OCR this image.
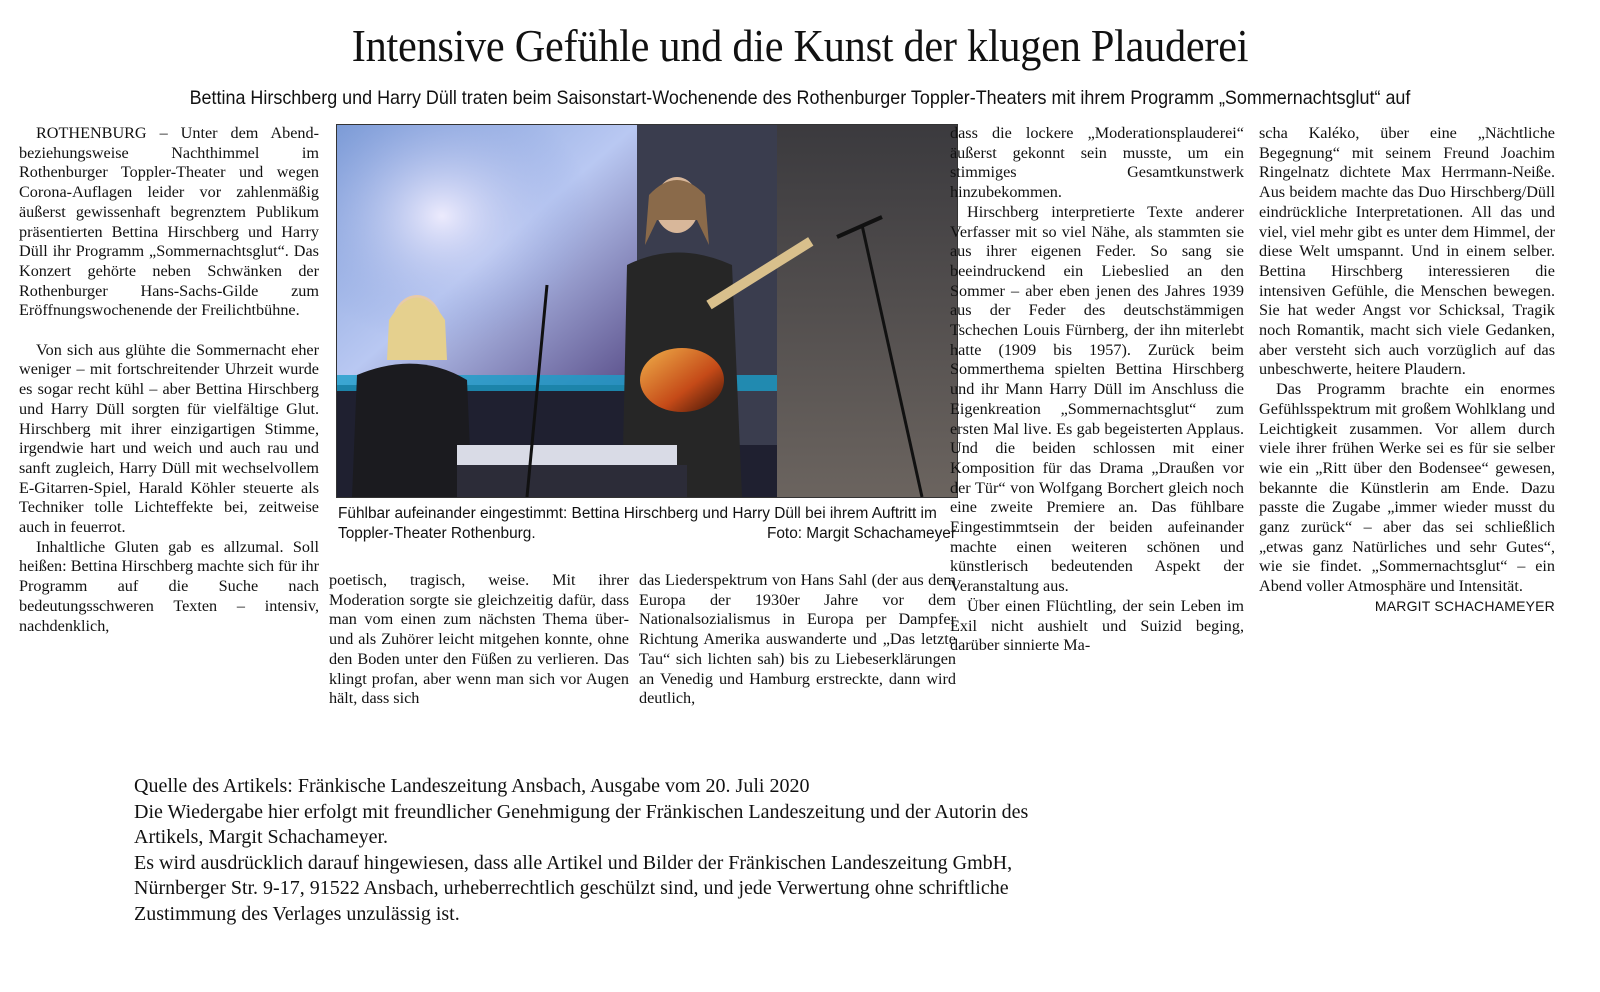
Intensive Gefühle und die Kunst der klugen Plauderei
Bettina Hirschberg und Harry Düll traten beim Saisonstart-Wochenende des Rothenburger Toppler-Theaters mit ihrem Programm „Sommernachtsglut“ auf

ROTHENBURG – Unter dem Abend- beziehungsweise Nachthimmel im Rothenburger Toppler-Theater und wegen Corona-Auflagen leider vor zahlenmäßig äußerst gewissenhaft begrenztem Publikum präsentierten Bettina Hirschberg und Harry Düll ihr Programm „Sommernachtsglut“. Das Konzert gehörte neben Schwänken der Rothenburger Hans-Sachs-Gilde zum Eröffnungswochenende der Freilichtbühne.

Von sich aus glühte die Sommernacht eher weniger – mit fortschreitender Uhrzeit wurde es sogar recht kühl – aber Bettina Hirschberg und Harry Düll sorgten für vielfältige Glut. Hirschberg mit ihrer einzigartigen Stimme, irgendwie hart und weich und auch rau und sanft zugleich, Harry Düll mit wechselvollem E-Gitarren-Spiel, Harald Köhler steuerte als Techniker tolle Lichteffekte bei, zeitweise auch in feuerrot.

Inhaltliche Gluten gab es allzumal. Soll heißen: Bettina Hirschberg machte sich für ihr Programm auf die Suche nach bedeutungsschweren Texten – intensiv, nachdenklich,

Fühlbar aufeinander eingestimmt: Bettina Hirschberg und Harry Düll bei ihrem Auftritt im Toppler-Theater Rothenburg.	Foto: Margit Schachameyer

poetisch, tragisch, weise. Mit ihrer Moderation sorgte sie gleichzeitig dafür, dass man vom einen zum nächsten Thema über- und als Zuhörer leicht mitgehen konnte, ohne den Boden unter den Füßen zu verlieren. Das klingt profan, aber wenn man sich vor Augen hält, dass sich

das Liederspektrum von Hans Sahl (der aus dem Europa der 1930er Jahre vor dem Nationalsozialismus in Europa per Dampfer Richtung Amerika auswanderte und „Das letzte Tau“ sich lichten sah) bis zu Liebeserklärungen an Venedig und Hamburg erstreckte, dann wird deutlich,

dass die lockere „Moderationsplauderei“ äußerst gekonnt sein musste, um ein stimmiges Gesamtkunstwerk hinzubekommen.

Hirschberg interpretierte Texte anderer Verfasser mit so viel Nähe, als stammten sie aus ihrer eigenen Feder. So sang sie beeindruckend ein Liebeslied an den Sommer – aber eben jenen des Jahres 1939 aus der Feder des deutschstämmigen Tschechen Louis Fürnberg, der ihn miterlebt hatte (1909 bis 1957). Zurück beim Sommerthema spielten Bettina Hirschberg und ihr Mann Harry Düll im Anschluss die Eigenkreation „Sommernachtsglut“ zum ersten Mal live. Es gab begeisterten Applaus. Und die beiden schlossen mit einer Komposition für das Drama „Draußen vor der Tür“ von Wolfgang Borchert gleich noch eine zweite Premiere an. Das fühlbare Eingestimmtsein der beiden aufeinander machte einen weiteren schönen und künstlerisch bedeutenden Aspekt der Veranstaltung aus.

Über einen Flüchtling, der sein Leben im Exil nicht aushielt und Suizid beging, darüber sinnierte Ma-

scha Kaléko, über eine „Nächtliche Begegnung“ mit seinem Freund Joachim Ringelnatz dichtete Max Herrmann-Neiße. Aus beidem machte das Duo Hirschberg/Düll eindrückliche Interpretationen. All das und viel, viel mehr gibt es unter dem Himmel, der diese Welt umspannt. Und in einem selber. Bettina Hirschberg interessieren die intensiven Gefühle, die Menschen bewegen. Sie hat weder Angst vor Schicksal, Tragik noch Romantik, macht sich viele Gedanken, aber versteht sich auch vorzüglich auf das unbeschwerte, heitere Plaudern.

Das Programm brachte ein enormes Gefühlsspektrum mit großem Wohlklang und Leichtigkeit zusammen. Vor allem durch viele ihrer frühen Werke sei es für sie selber wie ein „Ritt über den Bodensee“ gewesen, bekannte die Künstlerin am Ende. Dazu passte die Zugabe „immer wieder musst du ganz zurück“ – aber das sei schließlich „etwas ganz Natürliches und sehr Gutes“, wie sie findet. „Sommernachtsglut“ – ein Abend voller Atmosphäre und Intensität.

MARGIT SCHACHAMEYER
Quelle des Artikels: Fränkische Landeszeitung Ansbach, Ausgabe vom 20. Juli 2020
Die Wiedergabe hier erfolgt mit freundlicher Genehmigung der Fränkischen Landeszeitung und der Autorin des
Artikels, Margit Schachameyer.
Es wird ausdrücklich darauf hingewiesen, dass alle Artikel und Bilder der Fränkischen Landeszeitung GmbH,
Nürnberger Str. 9-17, 91522 Ansbach, urheberrechtlich geschülzt sind, und jede Verwertung ohne schriftliche
Zustimmung des Verlages unzulässig ist.
